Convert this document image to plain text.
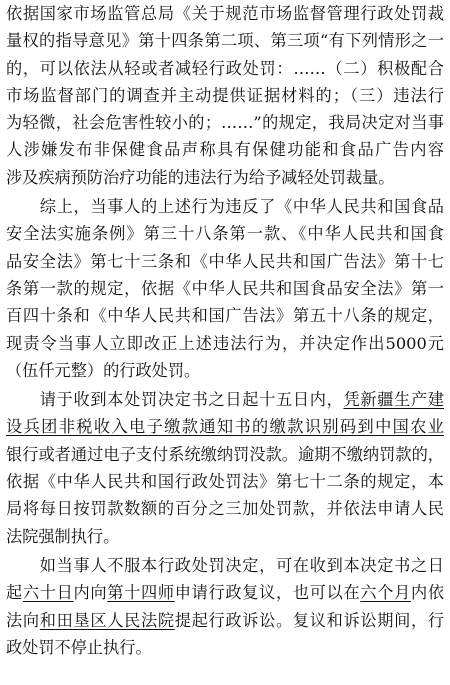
依据国家市场监管总局《关于规范市场监督管理行政处罚裁
量权的指导意见》第十四条第二项、第三项“有下列情形之一
的，可以依法从轻或者减轻行政处罚：……（二）积极配合
市场监督部门的调查并主动提供证据材料的；（三）违法行
为轻微，社会危害性较小的；……”的规定，我局决定对当事
人涉嫌发布非保健食品声称具有保健功能和食品广告内容
涉及疾病预防治疗功能的违法行为给予减轻处罚裁量。
　　综上，当事人的上述行为违反了《中华人民共和国食品
安全法实施条例》第三十八条第一款、《中华人民共和国食
品安全法》第七十三条和《中华人民共和国广告法》第十七
条第一款的规定，依据《中华人民共和国食品安全法》第一
百四十条和《中华人民共和国广告法》第五十八条的规定，
现责令当事人立即改正上述违法行为，并决定作出5000元
（伍仟元整）的行政处罚。
　　请于收到本处罚决定书之日起十五日内，凭新疆生产建
设兵团非税收入电子缴款通知书的缴款识别码到中国农业
银行或者通过电子支付系统缴纳罚没款。逾期不缴纳罚款的，
依据《中华人民共和国行政处罚法》第七十二条的规定，本
局将每日按罚款数额的百分之三加处罚款，并依法申请人民
法院强制执行。
　　如当事人不服本行政处罚决定，可在收到本决定书之日
起六十日内向第十四师申请行政复议，也可以在六个月内依
法向和田垦区人民法院提起行政诉讼。复议和诉讼期间，行
政处罚不停止执行。
